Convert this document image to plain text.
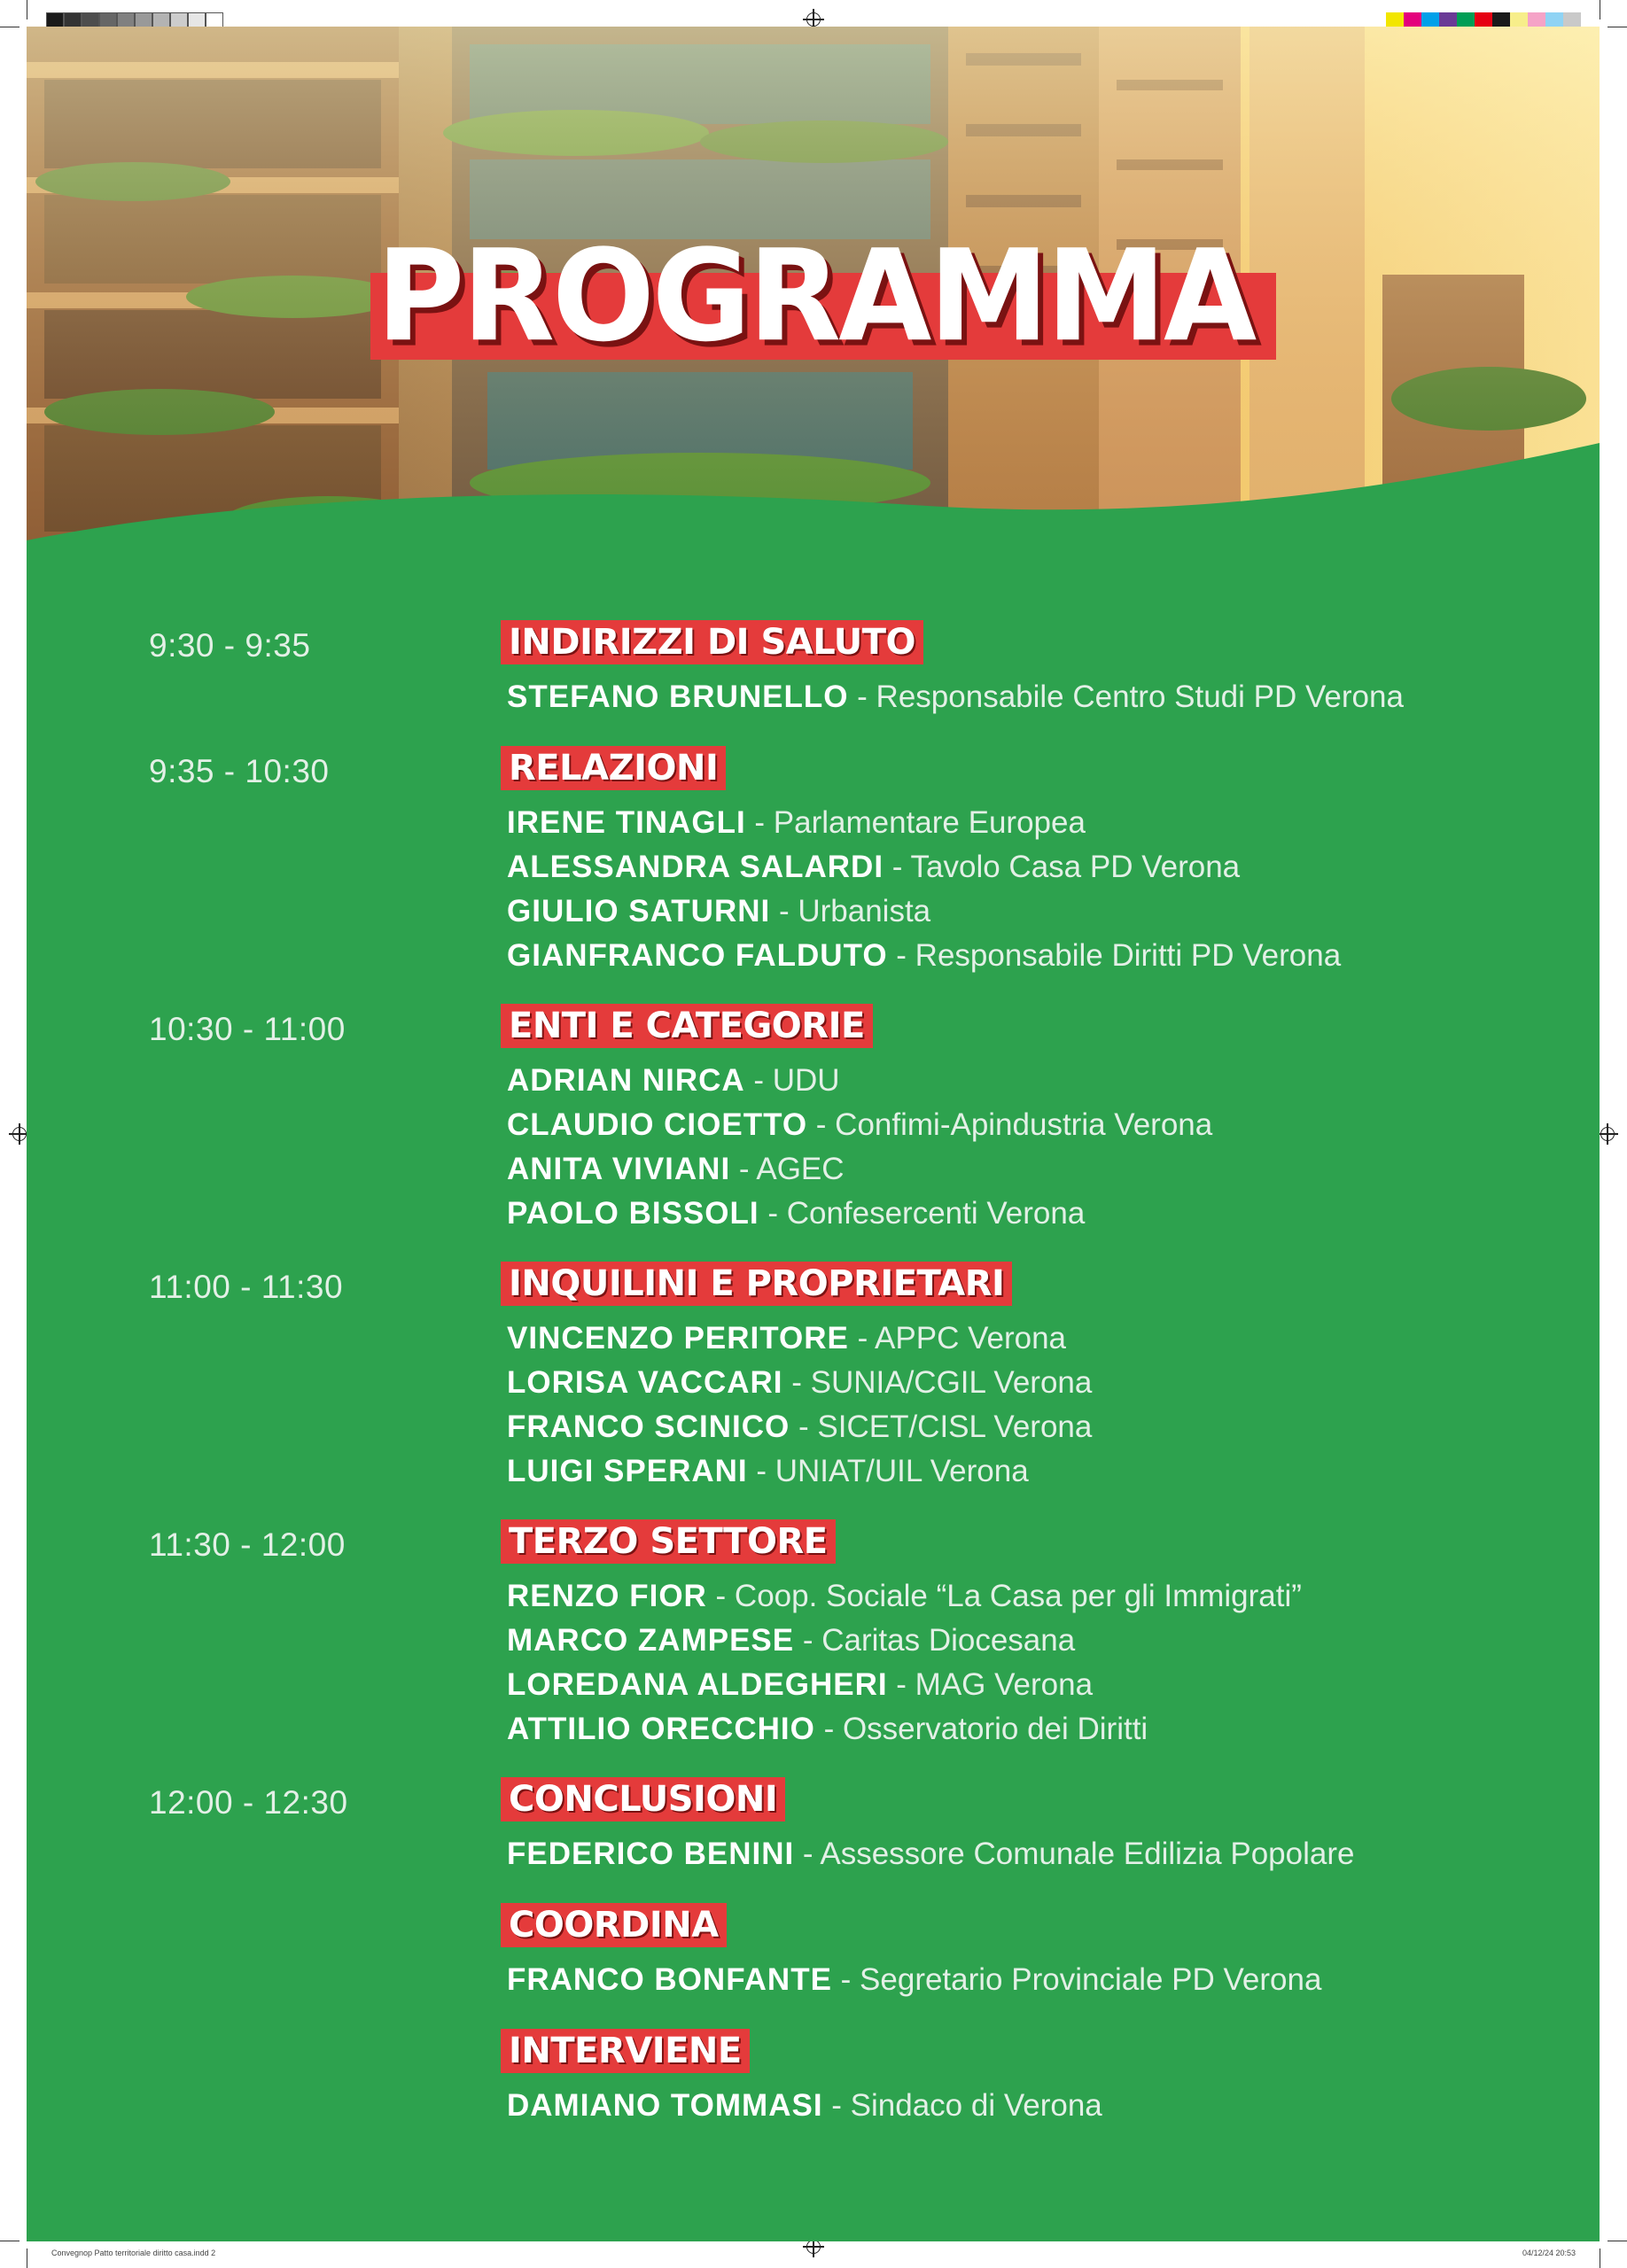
PROGRAMMA
9:30 - 9:35	INDIRIZZI DI SALUTO
STEFANO BRUNELLO - Responsabile Centro Studi PD Verona
9:35 - 10:30	RELAZIONI
IRENE TINAGLI - Parlamentare Europea
ALESSANDRA SALARDI - Tavolo Casa PD Verona
GIULIO SATURNI - Urbanista
GIANFRANCO FALDUTO - Responsabile Diritti PD Verona
10:30 - 11:00	ENTI E CATEGORIE
ADRIAN NIRCA - UDU
CLAUDIO CIOETTO - Confimi-Apindustria Verona
ANITA VIVIANI - AGEC
PAOLO BISSOLI - Confesercenti Verona
11:00 - 11:30	INQUILINI E PROPRIETARI
VINCENZO PERITORE - APPC Verona
LORISA VACCARI - SUNIA/CGIL Verona
FRANCO SCINICO - SICET/CISL Verona
LUIGI SPERANI - UNIAT/UIL Verona
11:30 - 12:00	TERZO SETTORE
RENZO FIOR - Coop. Sociale “La Casa per gli Immigrati”
MARCO ZAMPESE - Caritas Diocesana
LOREDANA ALDEGHERI - MAG Verona
ATTILIO ORECCHIO - Osservatorio dei Diritti
12:00 - 12:30	CONCLUSIONI
FEDERICO BENINI - Assessore Comunale Edilizia Popolare
COORDINA
FRANCO BONFANTE - Segretario Provinciale PD Verona
INTERVIENE
DAMIANO TOMMASI - Sindaco di Verona
Convegnop Patto territoriale diritto casa.indd 2	04/12/24 20:53
